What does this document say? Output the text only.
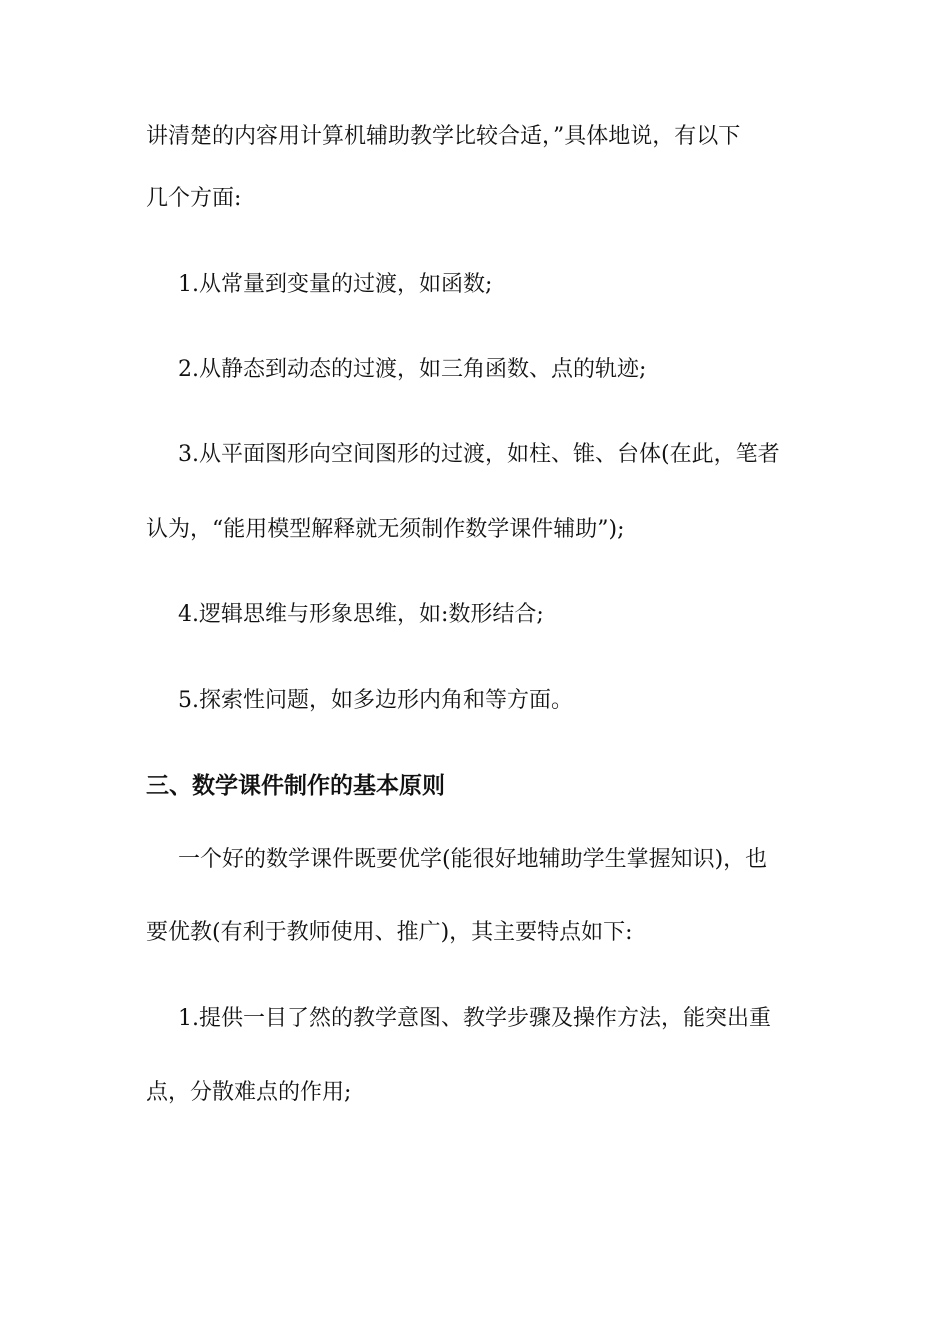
讲清楚的内容用计算机辅助教学比较合适，”具体地说，有以下
几个方面:
1.从常量到变量的过渡，如函数;
2.从静态到动态的过渡，如三角函数、点的轨迹;
3.从平面图形向空间图形的过渡，如柱、锥、台体(在此，笔者
认为，“能用模型解释就无须制作数学课件辅助”);
4.逻辑思维与形象思维，如:数形结合;
5.探索性问题，如多边形内角和等方面。
三、数学课件制作的基本原则
一个好的数学课件既要优学(能很好地辅助学生掌握知识)，也
要优教(有利于教师使用、推广)，其主要特点如下:
1.提供一目了然的教学意图、教学步骤及操作方法，能突出重
点，分散难点的作用;
